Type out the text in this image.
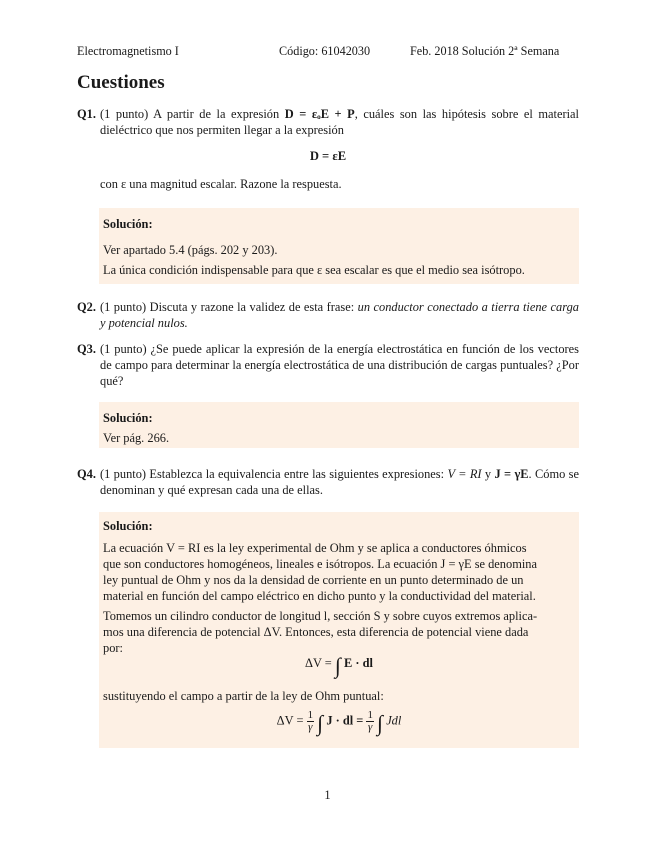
Electromagnetismo I	Código: 61042030	Feb. 2018 Solución 2ª Semana
Cuestiones
Q1. (1 punto) A partir de la expresión D = εₒE + P, cuáles son las hipótesis sobre el material dieléctrico que nos permiten llegar a la expresión
D = εE
con ε una magnitud escalar. Razone la respuesta.
Solución:
Ver apartado 5.4 (págs. 202 y 203).
La única condición indispensable para que ε sea escalar es que el medio sea isótropo.
Q2. (1 punto) Discuta y razone la validez de esta frase: un conductor conectado a tierra tiene carga y potencial nulos.
Q3. (1 punto) ¿Se puede aplicar la expresión de la energía electrostática en función de los vectores de campo para determinar la energía electrostática de una distribución de cargas puntuales? ¿Por qué?
Solución:
Ver pág. 266.
Q4. (1 punto) Establezca la equivalencia entre las siguientes expresiones: V = RI y J = γE. Cómo se denominan y qué expresan cada una de ellas.
Solución:
La ecuación V = RI es la ley experimental de Ohm y se aplica a conductores óhmicos
que son conductores homogéneos, lineales e isótropos. La ecuación J = γE se denomina
ley puntual de Ohm y nos da la densidad de corriente en un punto determinado de un
material en función del campo eléctrico en dicho punto y la conductividad del material.
Tomemos un cilindro conductor de longitud l, sección S y sobre cuyos extremos aplica-
mos una diferencia de potencial ΔV. Entonces, esta diferencia de potencial viene dada
por:
ΔV = ∫ E · dl
sustituyendo el campo a partir de la ley de Ohm puntual:
$\Delta V = \frac{1}{\gamma}$ ∫ J · dl = $\frac{1}{\gamma}$ ∫ Jdl
1
